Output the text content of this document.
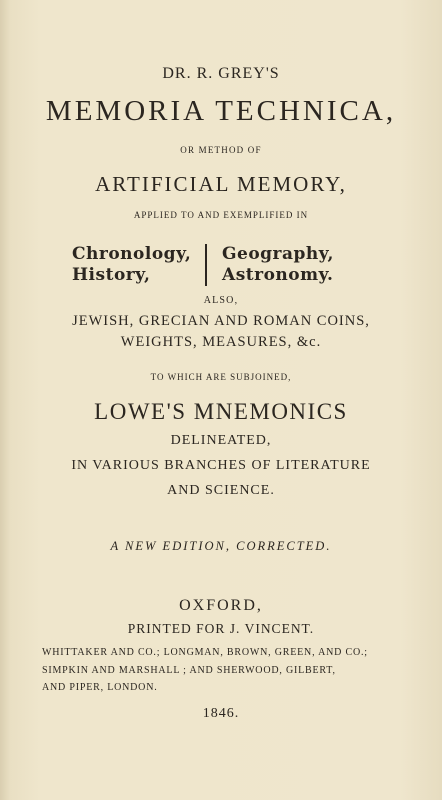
DR. R. GREY'S
MEMORIA TECHNICA,
OR METHOD OF
ARTIFICIAL MEMORY,
APPLIED TO AND EXEMPLIFIED IN
Chronology,
History,
Geography,
Astronomy.
ALSO,
JEWISH, GRECIAN AND ROMAN COINS,
WEIGHTS, MEASURES, &c.
TO WHICH ARE SUBJOINED,
LOWE'S MNEMONICS
DELINEATED,
IN VARIOUS BRANCHES OF LITERATURE
AND SCIENCE.
A NEW EDITION, CORRECTED.
OXFORD,
PRINTED FOR J. VINCENT.
WHITTAKER AND CO.; LONGMAN, BROWN, GREEN, AND CO.;
SIMPKIN AND MARSHALL ; AND SHERWOOD, GILBERT,
AND PIPER, LONDON.
1846.
